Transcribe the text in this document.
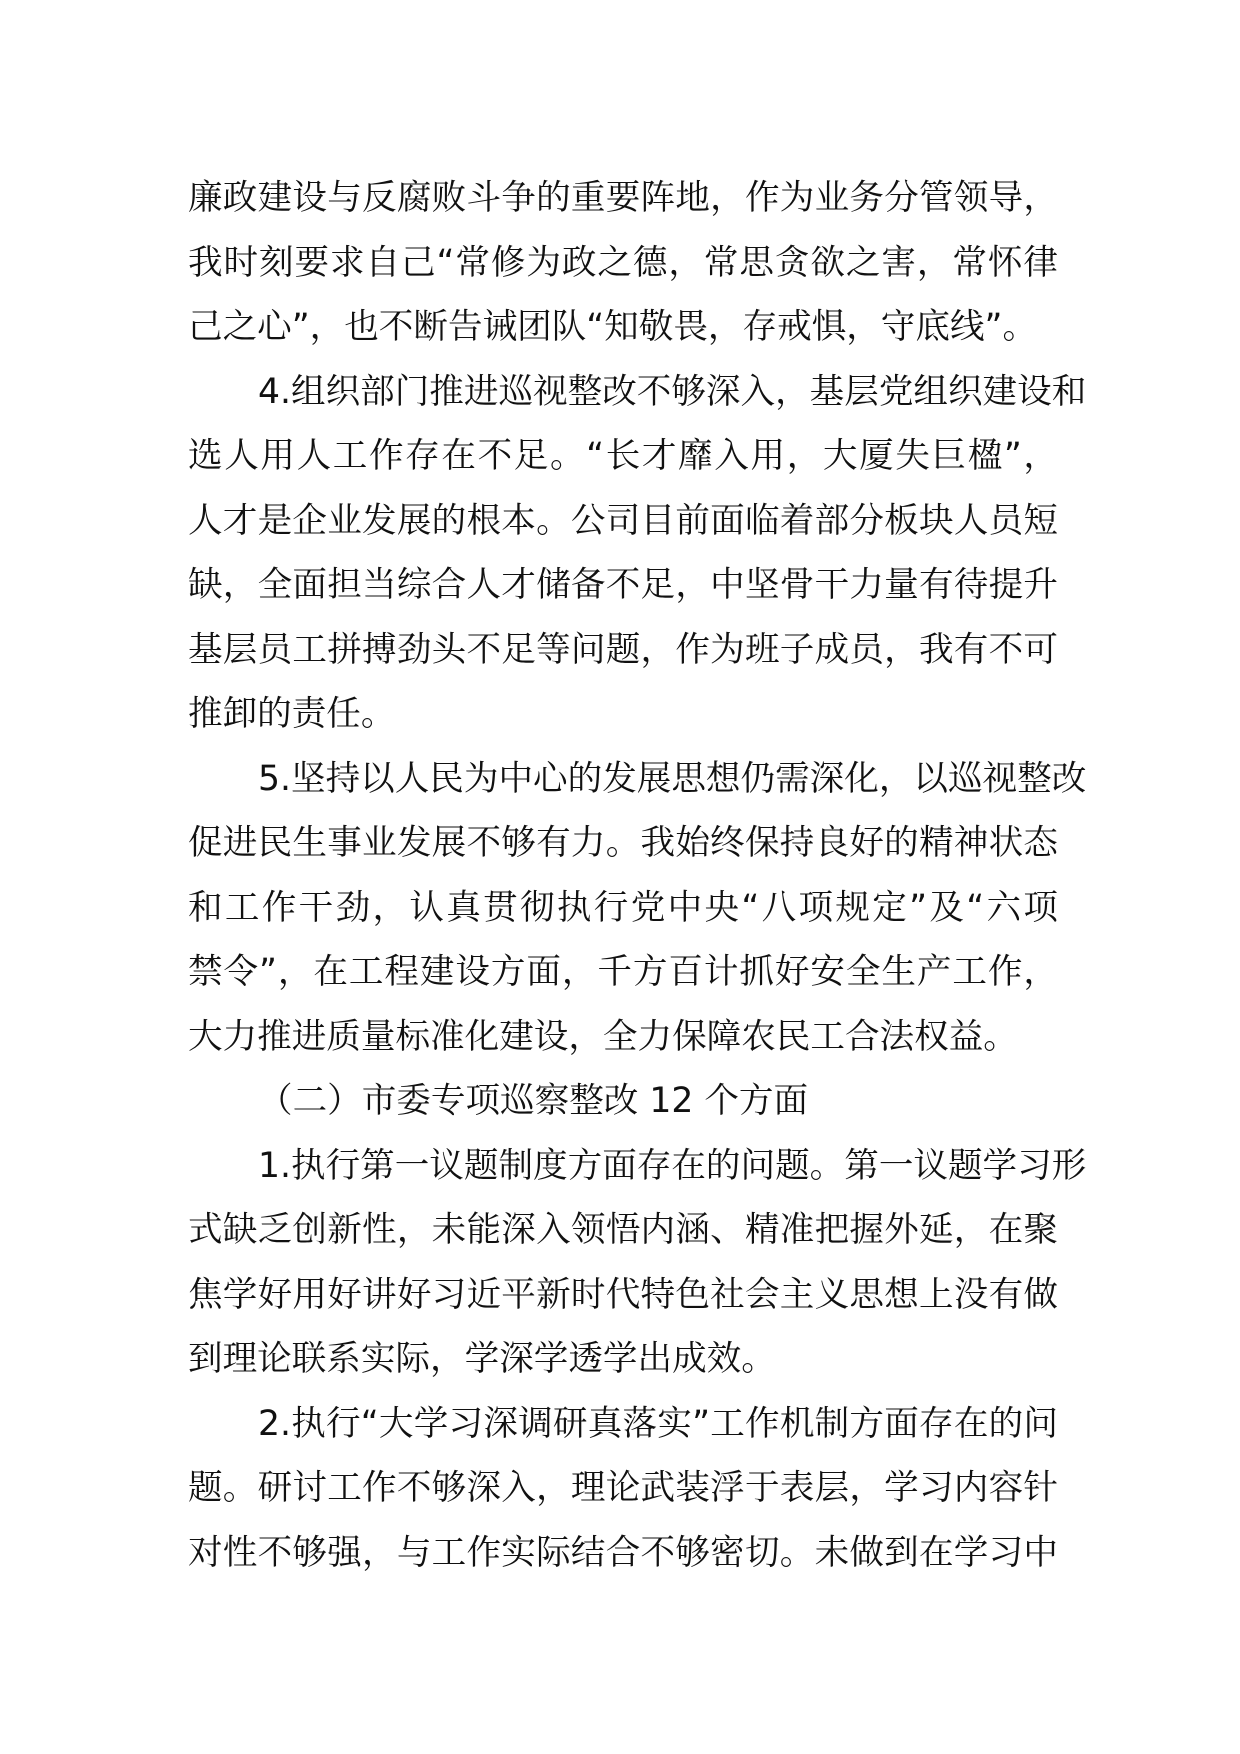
廉政建设与反腐败斗争的重要阵地，作为业务分管领导，
我时刻要求自己“常修为政之德，常思贪欲之害，常怀律
己之心”，也不断告诫团队“知敬畏，存戒惧，守底线”。
4.组织部门推进巡视整改不够深入，基层党组织建设和
选人用人工作存在不足。“长才靡入用，大厦失巨楹”，
人才是企业发展的根本。公司目前面临着部分板块人员短
缺，全面担当综合人才储备不足，中坚骨干力量有待提升
基层员工拼搏劲头不足等问题，作为班子成员，我有不可
推卸的责任。
5.坚持以人民为中心的发展思想仍需深化，以巡视整改
促进民生事业发展不够有力。我始终保持良好的精神状态
和工作干劲，认真贯彻执行党中央“八项规定”及“六项
禁令”，在工程建设方面，千方百计抓好安全生产工作，
大力推进质量标准化建设，全力保障农民工合法权益。
（二）市委专项巡察整改 12 个方面
1.执行第一议题制度方面存在的问题。第一议题学习形
式缺乏创新性，未能深入领悟内涵、精准把握外延，在聚
焦学好用好讲好习近平新时代特色社会主义思想上没有做
到理论联系实际，学深学透学出成效。
2.执行“大学习深调研真落实”工作机制方面存在的问
题。研讨工作不够深入，理论武装浮于表层，学习内容针
对性不够强，与工作实际结合不够密切。未做到在学习中
